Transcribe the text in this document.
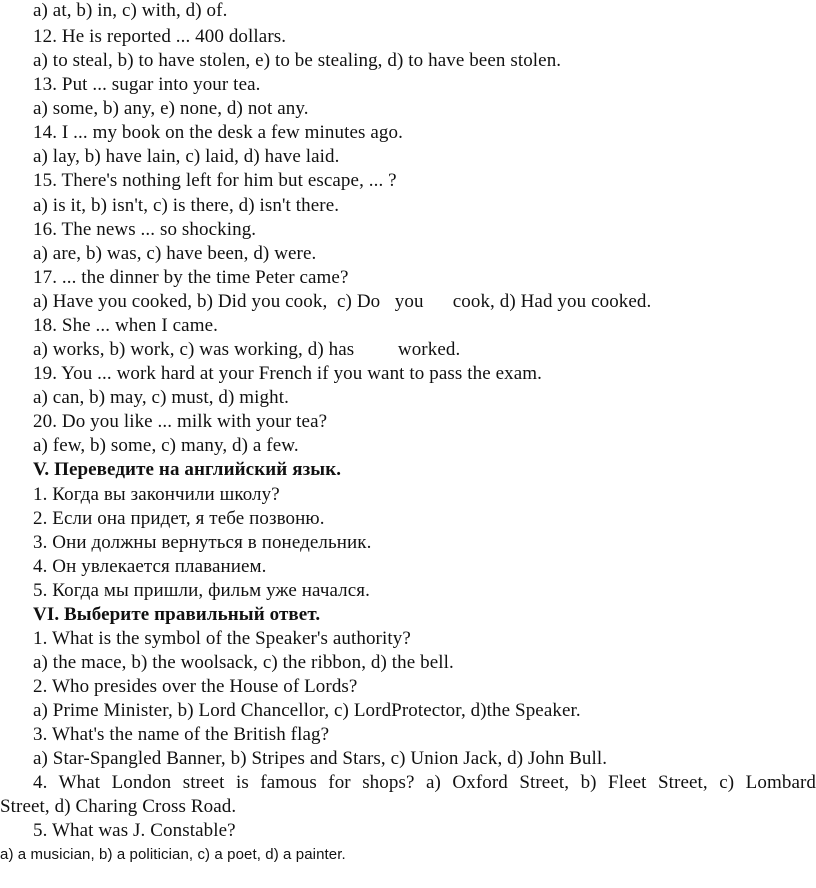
a) at, b) in, c) with, d) of.
12. He is reported ... 400 dollars.
a) to steal, b) to have stolen, e) to be stealing, d) to have been stolen.
13. Put ... sugar into your tea.
a) some, b) any, e) none, d) not any.
14. I ... my book on the desk a few minutes ago.
a) lay, b) have lain, c) laid, d) have laid.
15. There's nothing left for him but escape, ... ?
a) is it, b) isn't, c) is there, d) isn't there.
16. The news ... so shocking.
a) are, b) was, c) have been, d) were.
17. ... the dinner by the time Peter came?
a) Have you cooked, b) Did you cook,  c) Do   you      cook, d) Had you cooked.
18. She ... when I came.
a) works, b) work, c) was working, d) has         worked.
19. You ... work hard at your French if you want to pass the exam.
a) can, b) may, c) must, d) might.
20. Do you like ... milk with your tea?
a) few, b) some, c) many, d) a few.
V. Переведите на английский язык.
1. Когда вы закончили школу?
2. Если она придет, я тебе позвоню.
3. Они должны вернуться в понедельник.
4. Он увлекается плаванием.
5. Когда мы пришли, фильм уже начался.
VI. Выберите правильный ответ.
1. What is the symbol of the Speaker's authority?
a) the mace, b) the woolsack, c) the ribbon, d) the bell.
2. Who presides over the House of Lords?
a) Prime Minister, b) Lord Chancellor, c) LordProtector, d)the Speaker.
3. What's the name of the British flag?
a) Star-Spangled Banner, b) Stripes and Stars, c) Union Jack, d) John Bull.
4. What London street is famous for shops? a) Oxford Street, b) Fleet Street, c) Lombard
Street, d) Charing Cross Road.
5. What was J. Constable?
a) a musician, b) a politician, c) a poet, d) a painter.
